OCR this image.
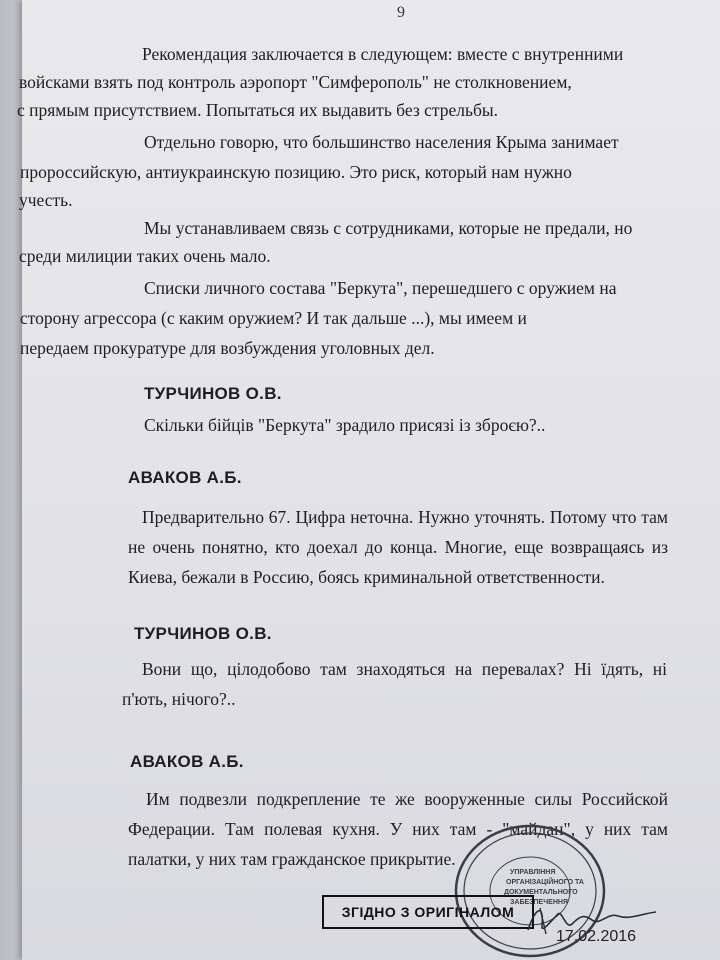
9

Рекомендация заключается в следующем: вместе с внутренними

войсками взять под контроль аэропорт "Симферополь" не столкновением,

с прямым присутствием. Попытаться их выдавить без стрельбы.

Отдельно говорю, что большинство населения Крыма занимает

пророссийскую, антиукраинскую позицию. Это риск, который нам нужно

учесть.

Мы устанавливаем связь с сотрудниками, которые не предали, но

среди милиции таких очень мало.

Списки личного состава "Беркута", перешедшего с оружием на

сторону агрессора (с каким оружием? И так дальше ...), мы имеем и

передаем прокуратуре для возбуждения уголовных дел.

ТУРЧИНОВ О.В.

Скільки бійців "Беркута" зрадило присязі із зброєю?..

АВАКОВ А.Б.

Предварительно 67. Цифра неточна. Нужно уточнять. Потому что там не очень понятно, кто доехал до конца. Многие, еще возвращаясь из Киева, бежали в Россию, боясь криминальной ответственности.

ТУРЧИНОВ О.В.

Вони що, цілодобово там знаходяться на перевалах? Ні їдять, ні п'ють, нічого?..

АВАКОВ А.Б.

Им подвезли подкрепление те же вооруженные силы Российской Федерации. Там полевая кухня. У них там - "майдан", у них там палатки, у них там гражданское прикрытие.

УПРАВЛІННЯ
ОРГАНІЗАЦІЙНОГО ТА
ДОКУМЕНТАЛЬНОГО
ЗАБЕЗПЕЧЕННЯ
ЗГІДНО З ОРИГІНАЛОМ
17.02.2016
